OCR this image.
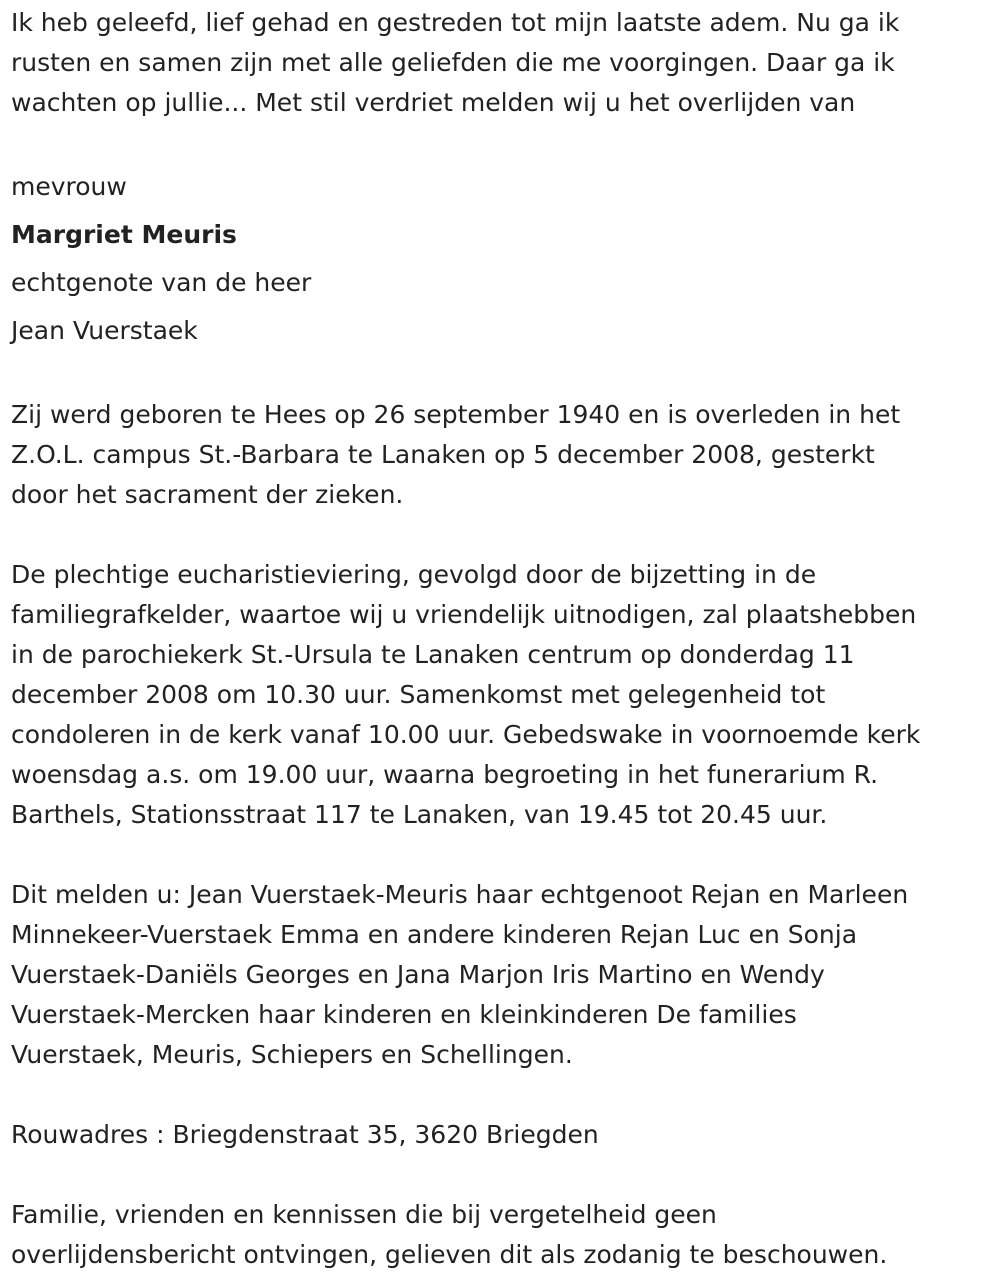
Ik heb geleefd, lief gehad en gestreden tot mijn laatste adem. Nu ga ik
rusten en samen zijn met alle geliefden die me voorgingen. Daar ga ik
wachten op jullie... Met stil verdriet melden wij u het overlijden van
mevrouw
Margriet Meuris
echtgenote van de heer
Jean Vuerstaek
Zij werd geboren te Hees op 26 september 1940 en is overleden in het
Z.O.L. campus St.-Barbara te Lanaken op 5 december 2008, gesterkt
door het sacrament der zieken.
De plechtige eucharistieviering, gevolgd door de bijzetting in de
familiegrafkelder, waartoe wij u vriendelijk uitnodigen, zal plaatshebben
in de parochiekerk St.-Ursula te Lanaken centrum op donderdag 11
december 2008 om 10.30 uur. Samenkomst met gelegenheid tot
condoleren in de kerk vanaf 10.00 uur. Gebedswake in voornoemde kerk
woensdag a.s. om 19.00 uur, waarna begroeting in het funerarium R.
Barthels, Stationsstraat 117 te Lanaken, van 19.45 tot 20.45 uur.
Dit melden u: Jean Vuerstaek-Meuris haar echtgenoot Rejan en Marleen
Minnekeer-Vuerstaek Emma en andere kinderen Rejan Luc en Sonja
Vuerstaek-Daniëls Georges en Jana Marjon Iris Martino en Wendy
Vuerstaek-Mercken haar kinderen en kleinkinderen De families
Vuerstaek, Meuris, Schiepers en Schellingen.
Rouwadres : Briegdenstraat 35, 3620 Briegden
Familie, vrienden en kennissen die bij vergetelheid geen
overlijdensbericht ontvingen, gelieven dit als zodanig te beschouwen.
